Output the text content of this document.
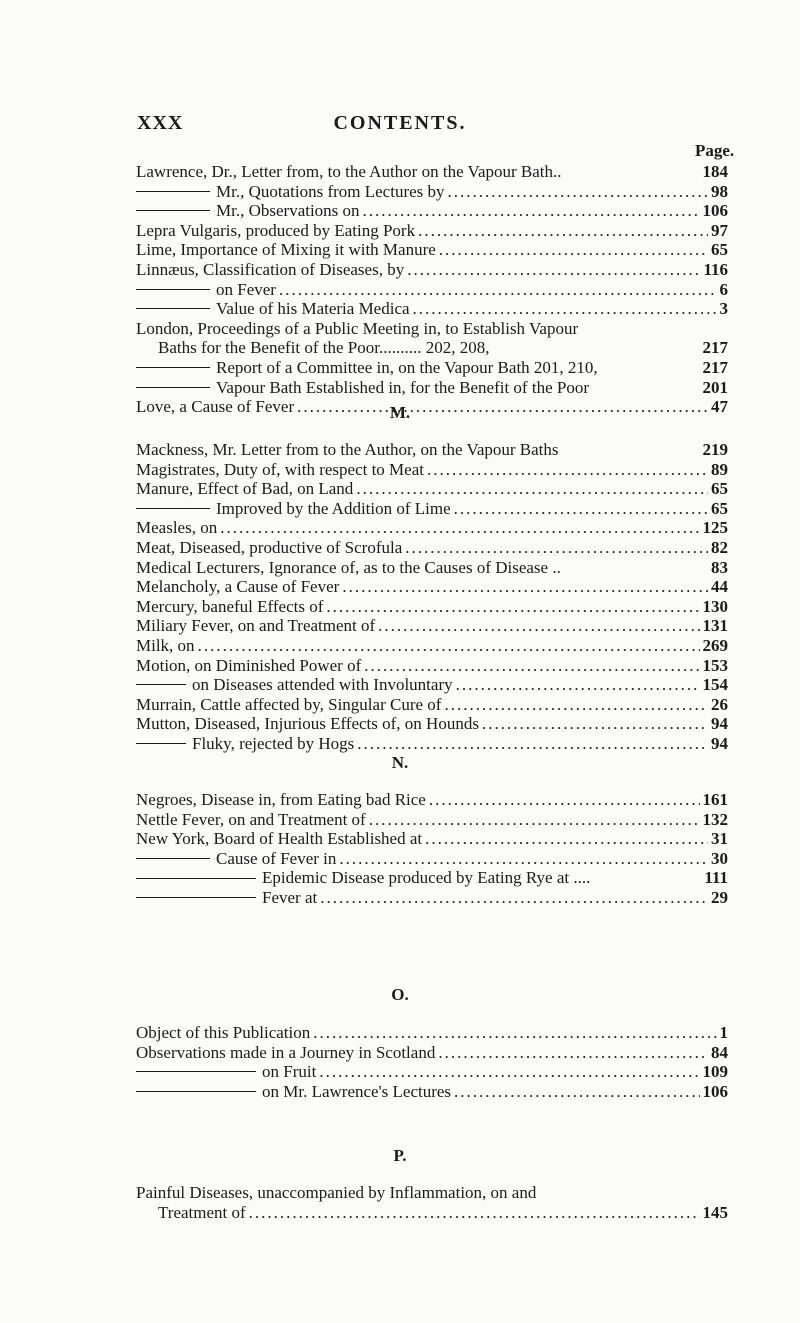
XXX	CONTENTS.
Page.
Lawrence, Dr., Letter from, to the Author on the Vapour Bath..	184
Mr., Quotations from Lectures by .....	98
Mr., Observations on .....	106
Lepra Vulgaris, produced by Eating Pork .....	97
Lime, Importance of Mixing it with Manure .....	65
Linnæus, Classification of Diseases, by .....	116
on Fever .....	6
Value of his Materia Medica .....	3
London, Proceedings of a Public Meeting in, to Establish Vapour
Baths for the Benefit of the Poor.......... 202, 208,	217
Report of a Committee in, on the Vapour Bath 201, 210,	217
Vapour Bath Established in, for the Benefit of the Poor	201
Love, a Cause of Fever .....	47
M.
Mackness, Mr. Letter from to the Author, on the Vapour Baths	219
Magistrates, Duty of, with respect to Meat .....	89
Manure, Effect of Bad, on Land .....	65
Improved by the Addition of Lime .....	65
Measles, on .....	125
Meat, Diseased, productive of Scrofula .....	82
Medical Lecturers, Ignorance of, as to the Causes of Disease ..	83
Melancholy, a Cause of Fever .....	44
Mercury, baneful Effects of .....	130
Miliary Fever, on and Treatment of .....	131
Milk, on .....	269
Motion, on Diminished Power of .....	153
on Diseases attended with Involuntary .....	154
Murrain, Cattle affected by, Singular Cure of .....	26
Mutton, Diseased, Injurious Effects of, on Hounds .....	94
Fluky, rejected by Hogs .....	94
N.
Negroes, Disease in, from Eating bad Rice .....	161
Nettle Fever, on and Treatment of .....	132
New York, Board of Health Established at .....	31
Cause of Fever in .....	30
Epidemic Disease produced by Eating Rye at ....	111
Fever at .....	29
O.
Object of this Publication .....	1
Observations made in a Journey in Scotland .....	84
on Fruit .....	109
on Mr. Lawrence's Lectures .....	106
P.
Painful Diseases, unaccompanied by Inflammation, on and
Treatment of .....	145
